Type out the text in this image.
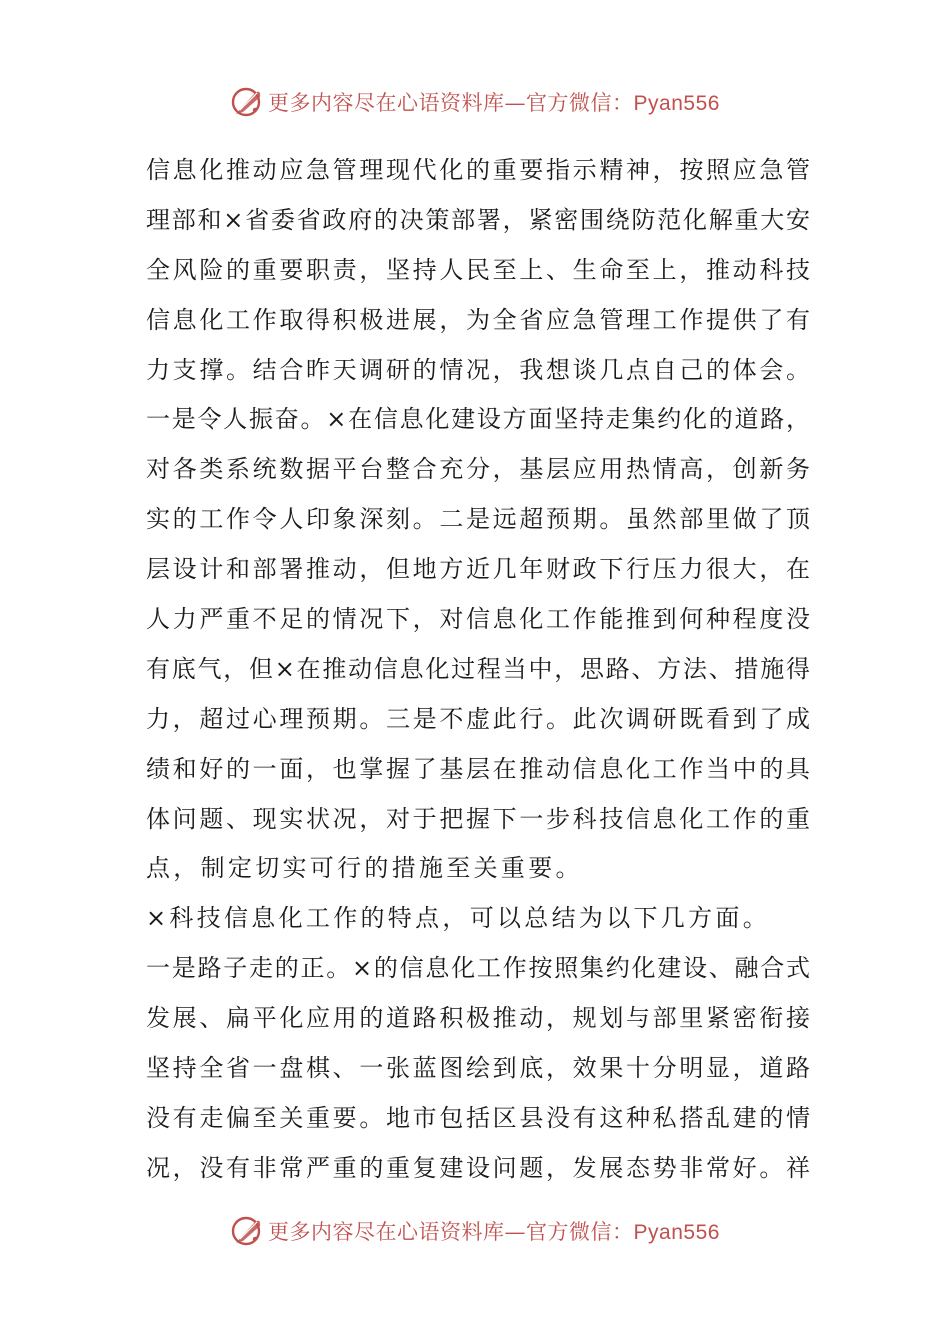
更多内容尽在心语资料库—官方微信：Pyan556
信息化推动应急管理现代化的重要指示精神，按照应急管
理部和×省委省政府的决策部署，紧密围绕防范化解重大安
全风险的重要职责，坚持人民至上、生命至上，推动科技
信息化工作取得积极进展，为全省应急管理工作提供了有
力支撑。结合昨天调研的情况，我想谈几点自己的体会。
一是令人振奋。×在信息化建设方面坚持走集约化的道路，
对各类系统数据平台整合充分，基层应用热情高，创新务
实的工作令人印象深刻。二是远超预期。虽然部里做了顶
层设计和部署推动，但地方近几年财政下行压力很大，在
人力严重不足的情况下，对信息化工作能推到何种程度没
有底气，但×在推动信息化过程当中，思路、方法、措施得
力，超过心理预期。三是不虚此行。此次调研既看到了成
绩和好的一面，也掌握了基层在推动信息化工作当中的具
体问题、现实状况，对于把握下一步科技信息化工作的重
点，制定切实可行的措施至关重要。
×科技信息化工作的特点，可以总结为以下几方面。
一是路子走的正。×的信息化工作按照集约化建设、融合式
发展、扁平化应用的道路积极推动，规划与部里紧密衔接
坚持全省一盘棋、一张蓝图绘到底，效果十分明显，道路
没有走偏至关重要。地市包括区县没有这种私搭乱建的情
况，没有非常严重的重复建设问题，发展态势非常好。祥
更多内容尽在心语资料库—官方微信：Pyan556
